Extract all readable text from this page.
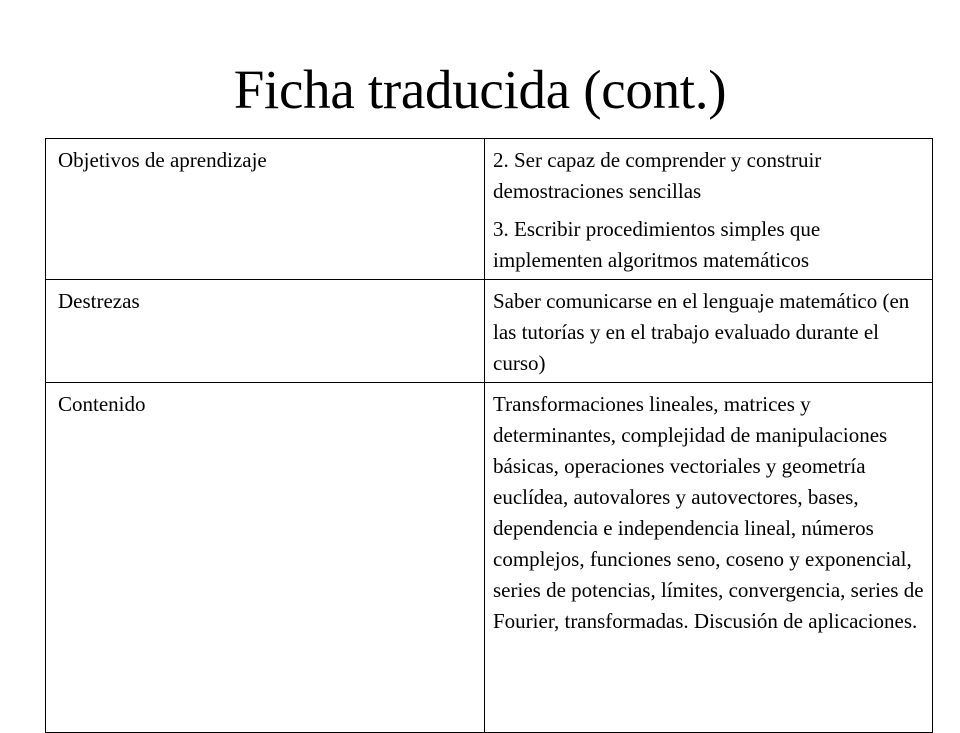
Ficha traducida (cont.)
Objetivos de aprendizaje	2. Ser capaz de comprender y construir demostraciones sencillas

3. Escribir procedimientos simples que implementen algoritmos matemáticos

Destrezas	Saber comunicarse en el lenguaje matemático (en las tutorías y en el trabajo evaluado durante el curso)

Contenido	Transformaciones lineales, matrices y determinantes, complejidad de manipulaciones básicas, operaciones vectoriales y geometría euclídea, autovalores y autovectores, bases, dependencia e independencia lineal, números complejos, funciones seno, coseno y exponencial, series de potencias, límites, convergencia, series de Fourier, transformadas. Discusión de aplicaciones.
